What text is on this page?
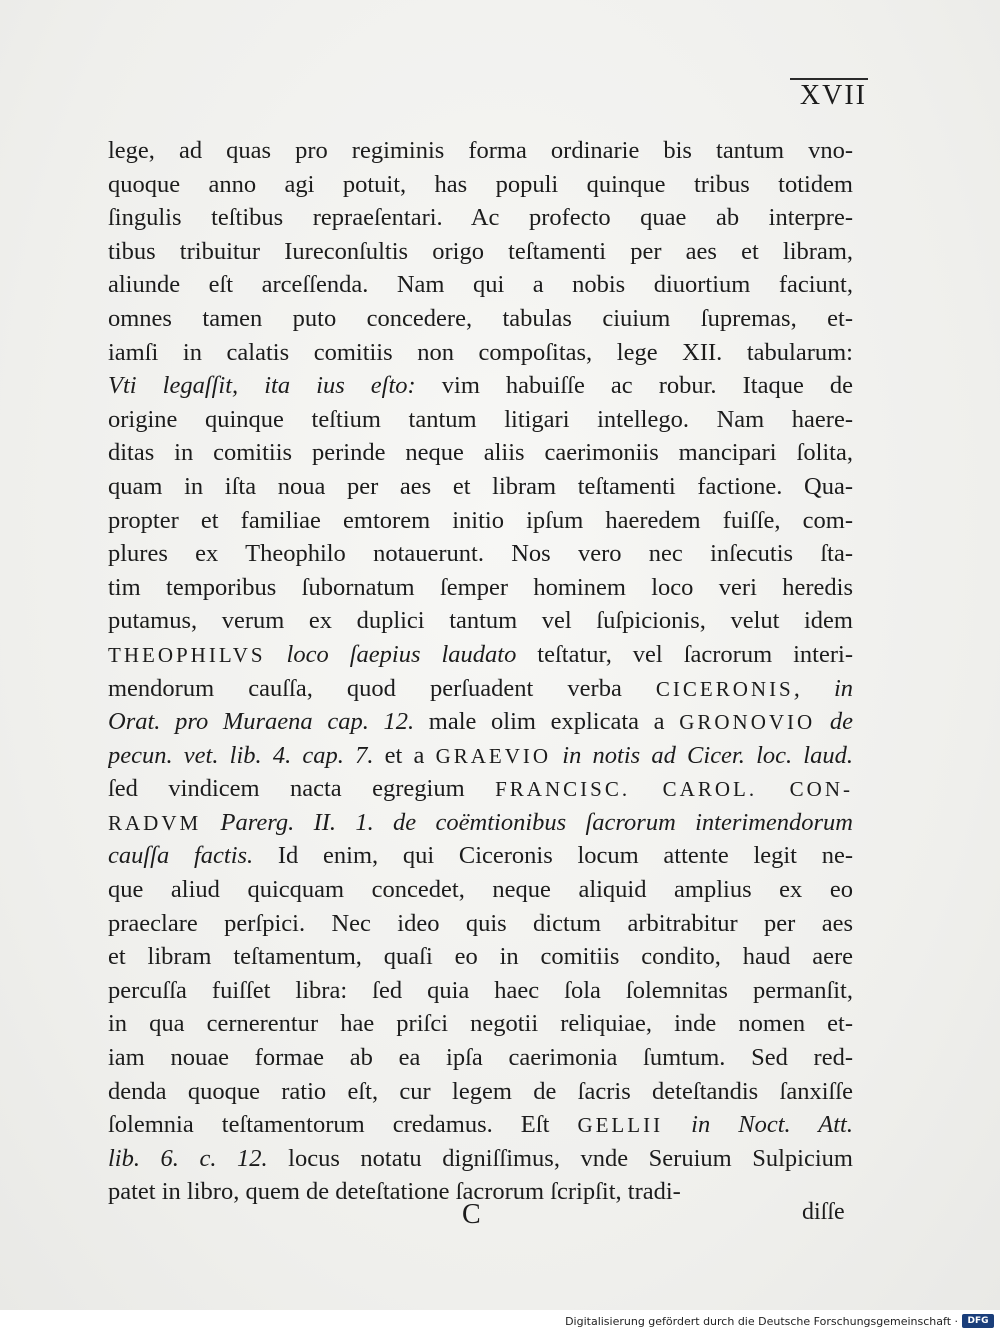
XVII
lege, ad quas pro regiminis forma ordinarie bis tantum vno-
quoque anno agi potuit, has populi quinque tribus totidem
ſingulis teſtibus repraeſentari. Ac profecto quae ab interpre-
tibus tribuitur Iureconſultis origo teſtamenti per aes et libram,
aliunde eſt arceſſenda. Nam qui a nobis diuortium faciunt,
omnes tamen puto concedere, tabulas ciuium ſupremas, et-
iamſi in calatis comitiis non compoſitas, lege XII. tabularum:
Vti legaſſit, ita ius eſto: vim habuiſſe ac robur. Itaque de
origine quinque teſtium tantum litigari intellego. Nam haere-
ditas in comitiis perinde neque aliis caerimoniis mancipari ſolita,
quam in iſta noua per aes et libram teſtamenti factione. Qua-
propter et familiae emtorem initio ipſum haeredem fuiſſe, com-
plures ex Theophilo notauerunt. Nos vero nec inſecutis ſta-
tim temporibus ſubornatum ſemper hominem loco veri heredis
putamus, verum ex duplici tantum vel ſuſpicionis, velut idem
THEOPHILVS loco ſaepius laudato teſtatur, vel ſacrorum interi-
mendorum cauſſa, quod perſuadent verba CICERONIS, in
Orat. pro Muraena cap. 12. male olim explicata a GRONOVIO de
pecun. vet. lib. 4. cap. 7. et a GRAEVIO in notis ad Cicer. loc. laud.
ſed vindicem nacta egregium FRANCISC. CAROL. CON-
RADVM Parerg. II. 1. de coëmtionibus ſacrorum interimendorum
cauſſa factis. Id enim, qui Ciceronis locum attente legit ne-
que aliud quicquam concedet, neque aliquid amplius ex eo
praeclare perſpici. Nec ideo quis dictum arbitrabitur per aes
et libram teſtamentum, quaſi eo in comitiis condito, haud aere
percuſſa fuiſſet libra: ſed quia haec ſola ſolemnitas permanſit,
in qua cernerentur hae priſci negotii reliquiae, inde nomen et-
iam nouae formae ab ea ipſa caerimonia ſumtum. Sed red-
denda quoque ratio eſt, cur legem de ſacris deteſtandis ſanxiſſe
ſolemnia teſtamentorum credamus. Eſt GELLII in Noct. Att.
lib. 6. c. 12. locus notatu digniſſimus, vnde Seruium Sulpicium
patet in libro, quem de deteſtatione ſacrorum ſcripſit, tradi-
C	diſſe
Digitalisierung gefördert durch die Deutsche Forschungsgemeinschaft ·	DFG
